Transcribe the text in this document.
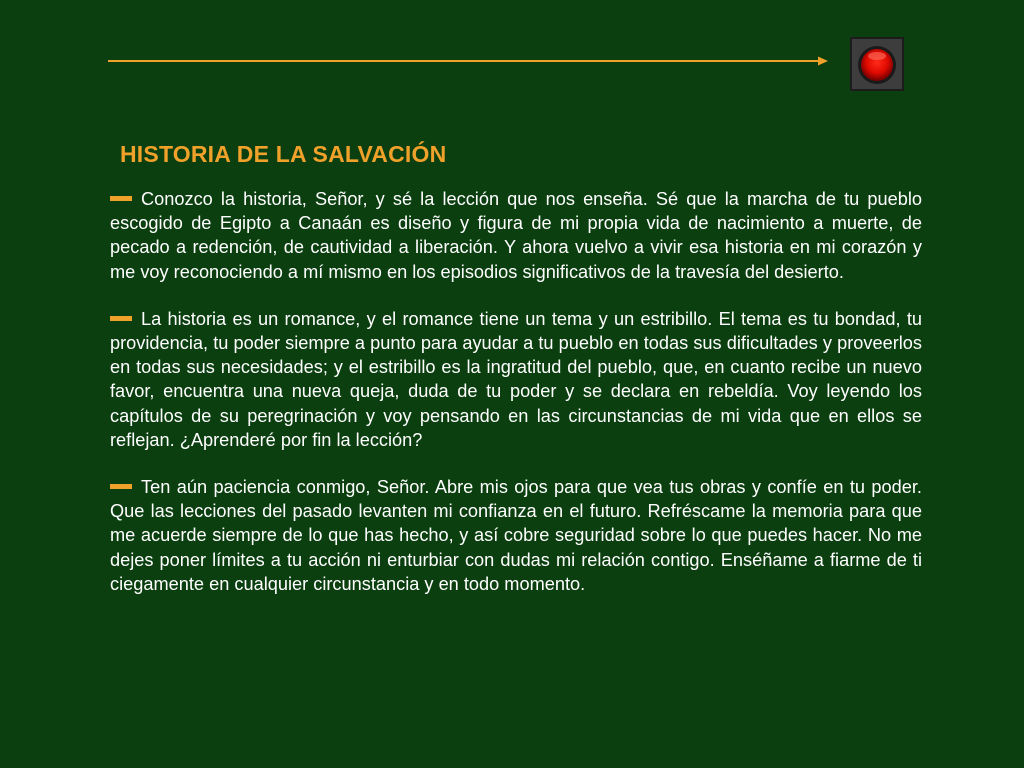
HISTORIA DE LA SALVACIÓN

Conozco la historia, Señor, y sé la lección que nos enseña. Sé que la marcha de tu pueblo escogido de Egipto a Canaán es diseño y figura de mi propia vida de nacimiento a muerte, de pecado a redención, de cautividad a liberación. Y ahora vuelvo a vivir esa historia en mi corazón y me voy reconociendo a mí mismo en los episodios significativos de la travesía del desierto.

La historia es un romance, y el romance tiene un tema y un estribillo. El tema es tu bondad, tu providencia, tu poder siempre a punto para ayudar a tu pueblo en todas sus dificultades y proveerlos en todas sus necesidades; y el estribillo es la ingratitud del pueblo, que, en cuanto recibe un nuevo favor, encuentra una nueva queja, duda de tu poder y se declara en rebeldía. Voy leyendo los capítulos de su peregrinación y voy pensando en las circunstancias de mi vida que en ellos se reflejan. ¿Aprenderé por fin la lección?

Ten aún paciencia conmigo, Señor. Abre mis ojos para que vea tus obras y confíe en tu poder. Que las lecciones del pasado levanten mi confianza en el futuro. Refréscame la memoria para que me acuerde siempre de lo que has hecho, y así cobre seguridad sobre lo que puedes hacer. No me dejes poner límites a tu acción ni enturbiar con dudas mi relación contigo. Enséñame a fiarme de ti ciegamente en cualquier circunstancia y en todo momento.
